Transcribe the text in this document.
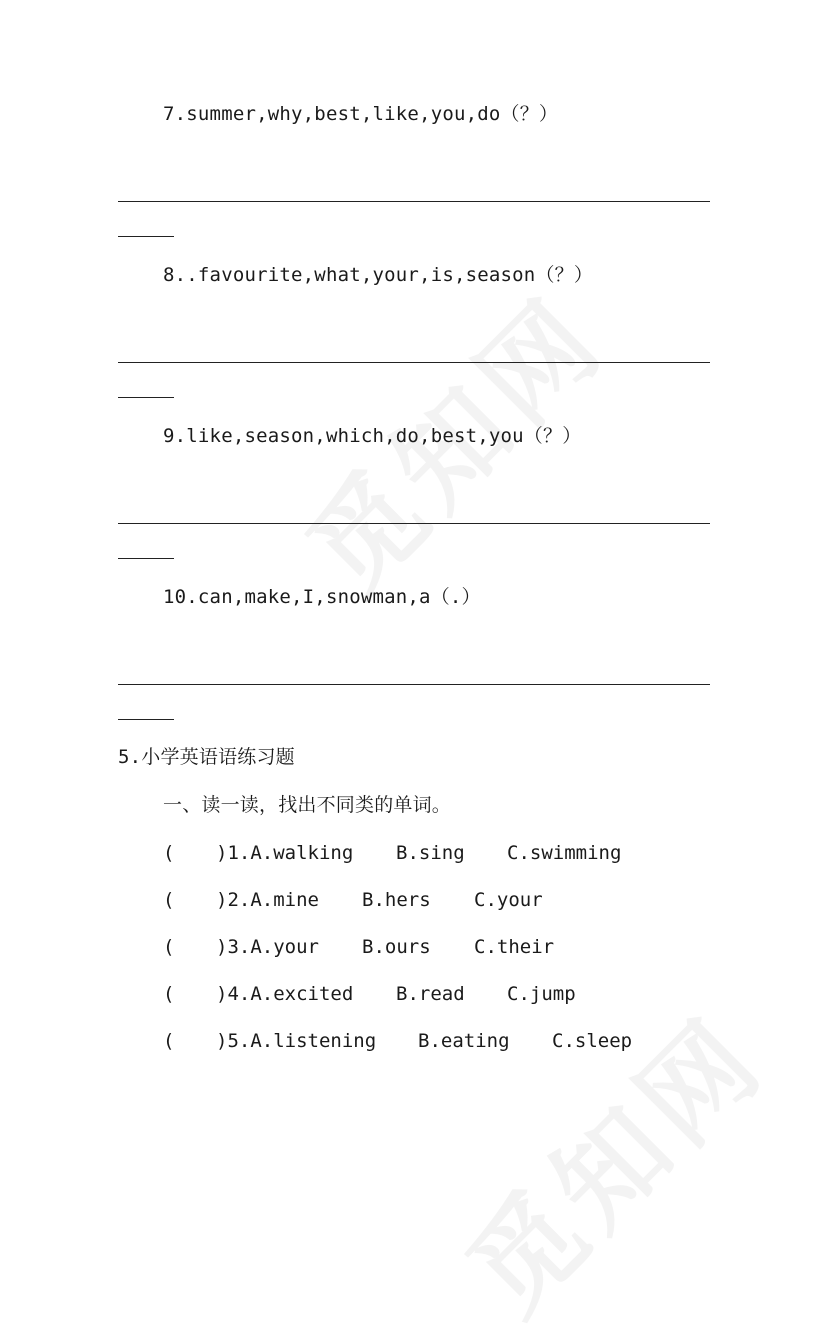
7.summer,why,best,like,you,do（？）
8..favourite,what,your,is,season（？）
9.like,season,which,do,best,you（？）
10.can,make,I,snowman,a（.）
5.小学英语语练习题
一、读一读，找出不同类的单词。

(

)1.A.walking

B.sing

C.swimming

(

)2.A.mine

B.hers

C.your

(

)3.A.your

B.ours

C.their

(

)4.A.excited

B.read

C.jump

(

)5.A.listening

B.eating

C.sleep
